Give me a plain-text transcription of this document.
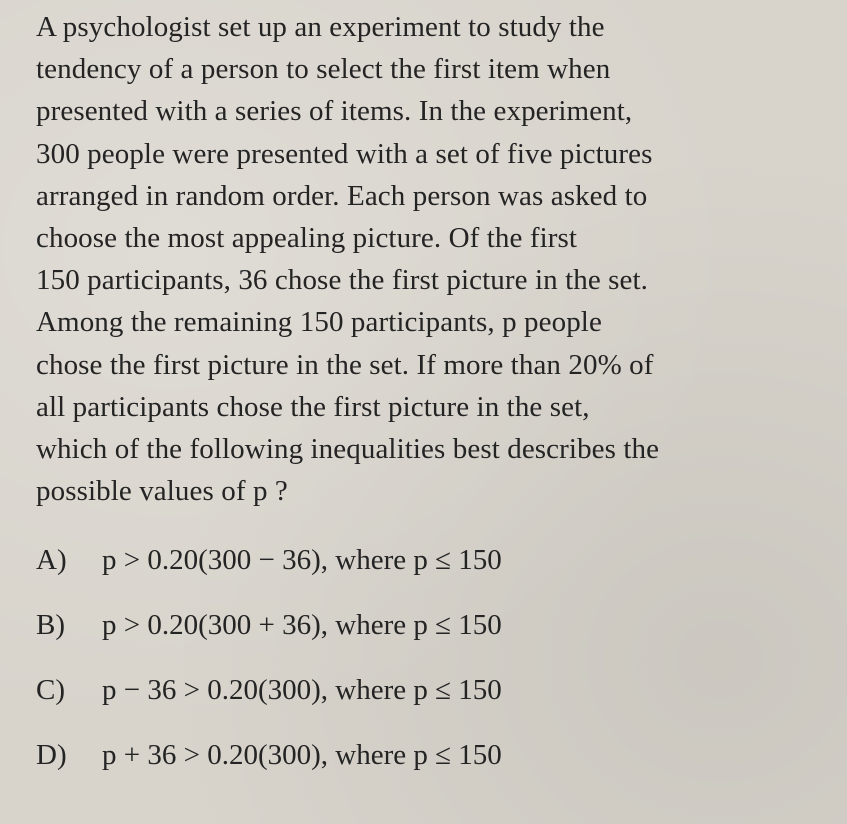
A psychologist set up an experiment to study the
tendency of a person to select the first item when
presented with a series of items. In the experiment,
300 people were presented with a set of five pictures
arranged in random order. Each person was asked to
choose the most appealing picture. Of the first
150 participants, 36 chose the first picture in the set.
Among the remaining 150 participants, p people
chose the first picture in the set. If more than 20% of
all participants chose the first picture in the set,
which of the following inequalities best describes the
possible values of p ?
A)	p > 0.20(300 − 36), where p ≤ 150
B)	p > 0.20(300 + 36), where p ≤ 150
C)	p − 36 > 0.20(300), where p ≤ 150
D)	p + 36 > 0.20(300), where p ≤ 150
